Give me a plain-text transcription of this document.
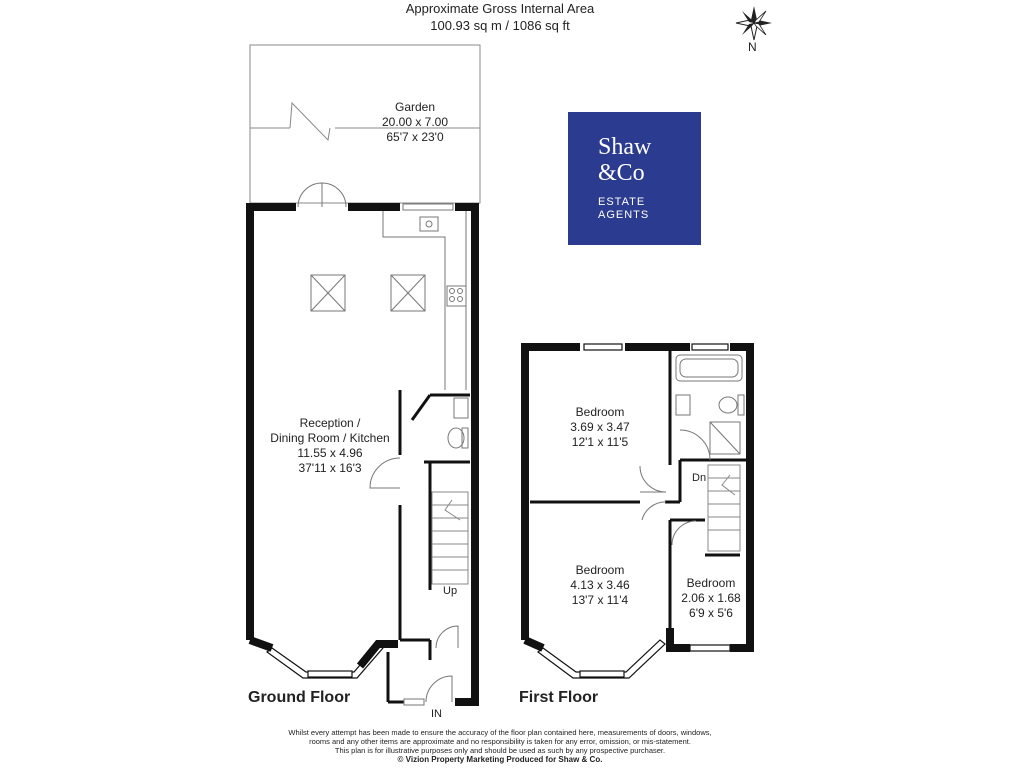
Approximate Gross Internal Area
100.93 sq m / 1086 sq ft
N
Shaw
&Co
ESTATE
AGENTS
Garden
20.00 x 7.00
65'7 x 23'0
Reception /
Dining Room / Kitchen
11.55 x 4.96
37'11 x 16'3
Up
IN
Bedroom
3.69 x 3.47
12'1 x 11'5
Bedroom
4.13 x 3.46
13'7 x 11'4
Bedroom
2.06 x 1.68
6'9 x 5'6
Dn
Ground Floor	First Floor
Whilst every attempt has been made to ensure the accuracy of the floor plan contained here, measurements of doors, windows,
rooms and any other items are approximate and no responsibility is taken for any error, omission, or mis-statement.
This plan is for illustrative purposes only and should be used as such by any prospective purchaser.
© Vizion Property Marketing Produced for Shaw & Co.
